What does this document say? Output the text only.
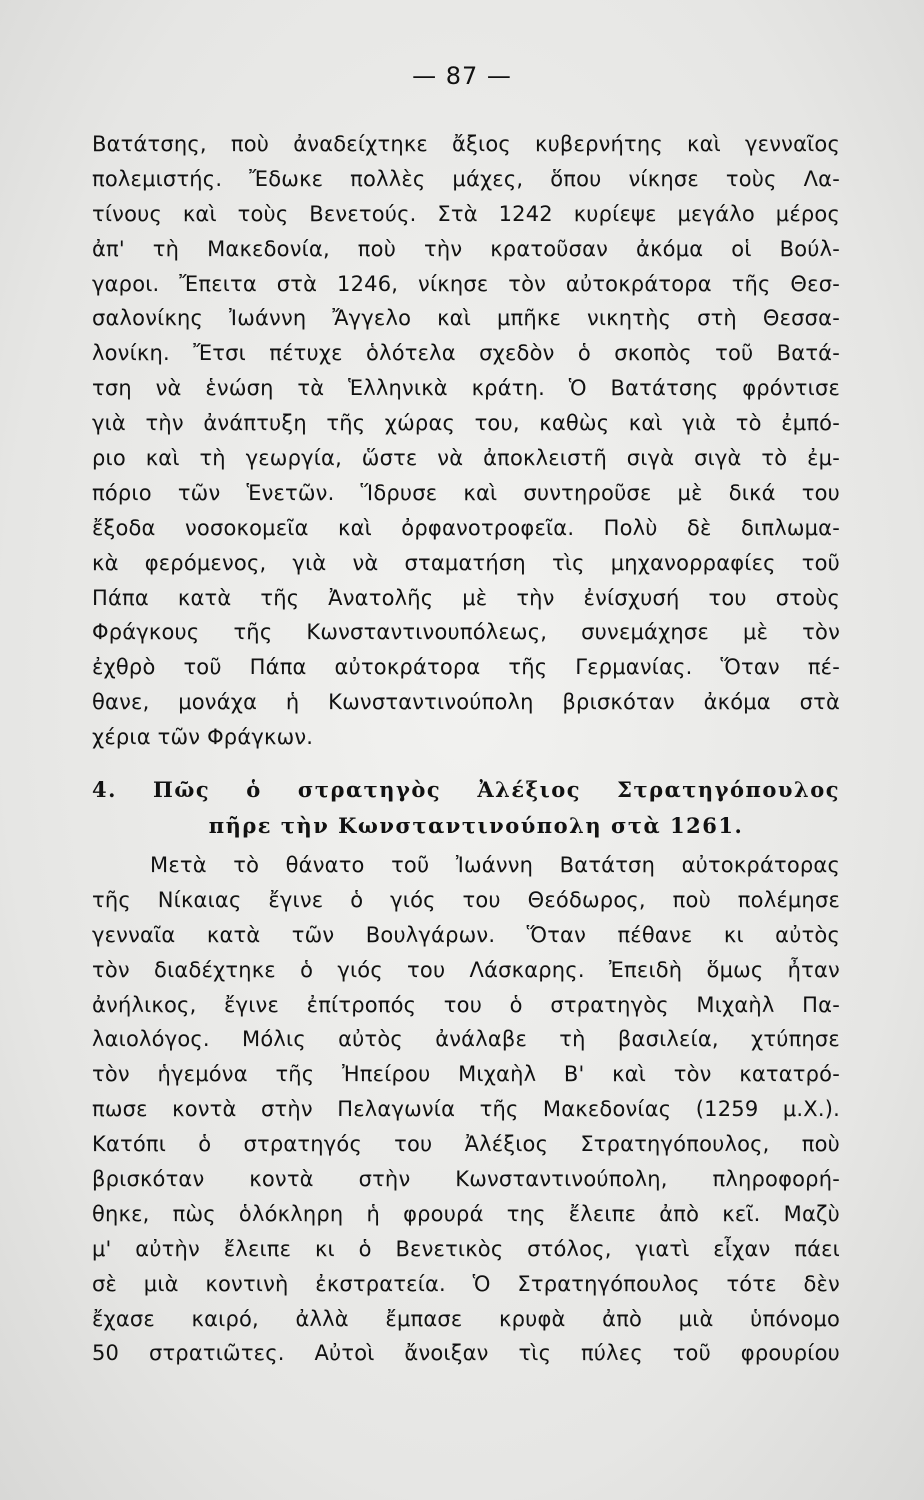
— 87 —
Βατάτσης, ποὺ ἀναδείχτηκε ἄξιος κυβερνήτης καὶ γενναῖος
πολεμιστής. Ἔδωκε πολλὲς μάχες, ὅπου νίκησε τοὺς Λα-
τίνους καὶ τοὺς Βενετούς. Στὰ 1242 κυρίεψε μεγάλο μέρος
ἀπ' τὴ Μακεδονία, ποὺ τὴν κρατοῦσαν ἀκόμα οἱ Βούλ-
γαροι. Ἔπειτα στὰ 1246, νίκησε τὸν αὐτοκράτορα τῆς Θεσ-
σαλονίκης Ἰωάννη Ἄγγελο καὶ μπῆκε νικητὴς στὴ Θεσσα-
λονίκη. Ἔτσι πέτυχε ὁλότελα σχεδὸν ὁ σκοπὸς τοῦ Βατά-
τση νὰ ἑνώση τὰ Ἑλληνικὰ κράτη. Ὁ Βατάτσης φρόντισε
γιὰ τὴν ἀνάπτυξη τῆς χώρας του, καθὼς καὶ γιὰ τὸ ἐμπό-
ριο καὶ τὴ γεωργία, ὥστε νὰ ἀποκλειστῆ σιγὰ σιγὰ τὸ ἐμ-
πόριο τῶν Ἑνετῶν. Ἵδρυσε καὶ συντηροῦσε μὲ δικά του
ἔξοδα νοσοκομεῖα καὶ ὀρφανοτροφεῖα. Πολὺ δὲ διπλωμα-
κὰ φερόμενος, γιὰ νὰ σταματήση τὶς μηχανορραφίες τοῦ
Πάπα κατὰ τῆς Ἀνατολῆς μὲ τὴν ἐνίσχυσή του στοὺς
Φράγκους τῆς Κωνσταντινουπόλεως, συνεμάχησε μὲ τὸν
ἐχθρὸ τοῦ Πάπα αὐτοκράτορα τῆς Γερμανίας. Ὅταν πέ-
θανε, μονάχα ἡ Κωνσταντινούπολη βρισκόταν ἀκόμα στὰ
χέρια τῶν Φράγκων.
4. Πῶς ὁ στρατηγὸς Ἀλέξιος Στρατηγόπουλος
πῆρε τὴν Κωνσταντινούπολη στὰ 1261.
Μετὰ τὸ θάνατο τοῦ Ἰωάννη Βατάτση αὐτοκράτορας
τῆς Νίκαιας ἔγινε ὁ γιός του Θεόδωρος, ποὺ πολέμησε
γενναῖα κατὰ τῶν Βουλγάρων. Ὅταν πέθανε κι αὐτὸς
τὸν διαδέχτηκε ὁ γιός του Λάσκαρης. Ἐπειδὴ ὅμως ἦταν
ἀνήλικος, ἔγινε ἐπίτροπός του ὁ στρατηγὸς Μιχαὴλ Πα-
λαιολόγος. Μόλις αὐτὸς ἀνάλαβε τὴ βασιλεία, χτύπησε
τὸν ἡγεμόνα τῆς Ἠπείρου Μιχαὴλ Β' καὶ τὸν κατατρό-
πωσε κοντὰ στὴν Πελαγωνία τῆς Μακεδονίας (1259 μ.Χ.).
Κατόπι ὁ στρατηγός του Ἀλέξιος Στρατηγόπουλος, ποὺ
βρισκόταν κοντὰ στὴν Κωνσταντινούπολη, πληροφορή-
θηκε, πὼς ὁλόκληρη ἡ φρουρά της ἔλειπε ἀπὸ κεῖ. Μαζὺ
μ' αὐτὴν ἔλειπε κι ὁ Βενετικὸς στόλος, γιατὶ εἶχαν πάει
σὲ μιὰ κοντινὴ ἐκστρατεία. Ὁ Στρατηγόπουλος τότε δὲν
ἔχασε καιρό, ἀλλὰ ἔμπασε κρυφὰ ἀπὸ μιὰ ὑπόνομο
50 στρατιῶτες. Αὐτοὶ ἄνοιξαν τὶς πύλες τοῦ φρουρίου
